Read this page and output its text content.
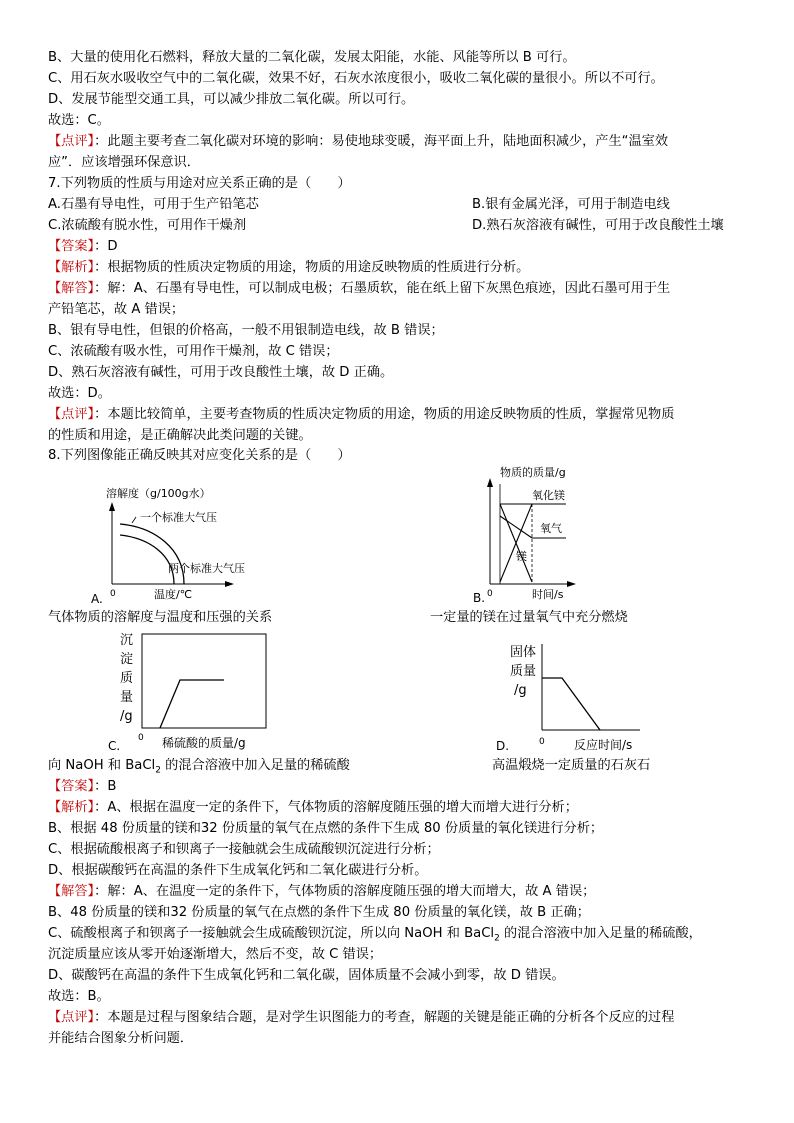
B、大量的使用化石燃料，释放大量的二氧化碳，发展太阳能，水能、风能等所以 B 可行。
C、用石灰水吸收空气中的二氧化碳，效果不好，石灰水浓度很小，吸收二氧化碳的量很小。所以不可行。
D、发展节能型交通工具，可以减少排放二氧化碳。所以可行。
故选：C。
【点评】：此题主要考查二氧化碳对环境的影响：易使地球变暖，海平面上升，陆地面积减少，产生“温室效
应”．应该增强环保意识．
7.下列物质的性质与用途对应关系正确的是（　　）
A.石墨有导电性，可用于生产铅笔芯	B.银有金属光泽，可用于制造电线
C.浓硫酸有脱水性，可用作干燥剂	D.熟石灰溶液有碱性，可用于改良酸性土壤
【答案】：D
【解析】：根据物质的性质决定物质的用途，物质的用途反映物质的性质进行分析。
【解答】：解：A、石墨有导电性，可以制成电极；石墨质软，能在纸上留下灰黑色痕迹，因此石墨可用于生
产铅笔芯，故 A 错误；
B、银有导电性，但银的价格高，一般不用银制造电线，故 B 错误；
C、浓硫酸有吸水性，可用作干燥剂，故 C 错误；
D、熟石灰溶液有碱性，可用于改良酸性土壤，故 D 正确。
故选：D。
【点评】：本题比较简单，主要考查物质的性质决定物质的用途，物质的用途反映物质的性质，掌握常见物质
的性质和用途，是正确解决此类问题的关键。
8.下列图像能正确反映其对应变化关系的是（　　）
溶解度（g/100g水）
一个标准大气压
两个标准大气压
0	温度/℃
A.
气体物质的溶解度与温度和压强的关系
物质的质量/g
氧化镁
氧气
镁
0	时间/s
B.
一定量的镁在过量氧气中充分燃烧
沉
淀
质
量
/g
0 稀硫酸的质量/g
C.
向 NaOH 和 BaCl$_2$ 的混合溶液中加入足量的稀硫酸
固体
质量
/g
0 反应时间/s
D.
高温煅烧一定质量的石灰石
【答案】：B
【解析】：A、根据在温度一定的条件下，气体物质的溶解度随压强的增大而增大进行分析；
B、根据 48 份质量的镁和32 份质量的氧气在点燃的条件下生成 80 份质量的氧化镁进行分析；
C、根据硫酸根离子和钡离子一接触就会生成硫酸钡沉淀进行分析；
D、根据碳酸钙在高温的条件下生成氧化钙和二氧化碳进行分析。
【解答】：解：A、在温度一定的条件下，气体物质的溶解度随压强的增大而增大，故 A 错误；
B、48 份质量的镁和32 份质量的氧气在点燃的条件下生成 80 份质量的氧化镁，故 B 正确；
C、硫酸根离子和钡离子一接触就会生成硫酸钡沉淀，所以向 NaOH 和 BaCl$_2$ 的混合溶液中加入足量的稀硫酸，
沉淀质量应该从零开始逐渐增大，然后不变，故 C 错误；
D、碳酸钙在高温的条件下生成氧化钙和二氧化碳，固体质量不会减小到零，故 D 错误。
故选：B。
【点评】：本题是过程与图象结合题，是对学生识图能力的考查，解题的关键是能正确的分析各个反应的过程
并能结合图象分析问题．
